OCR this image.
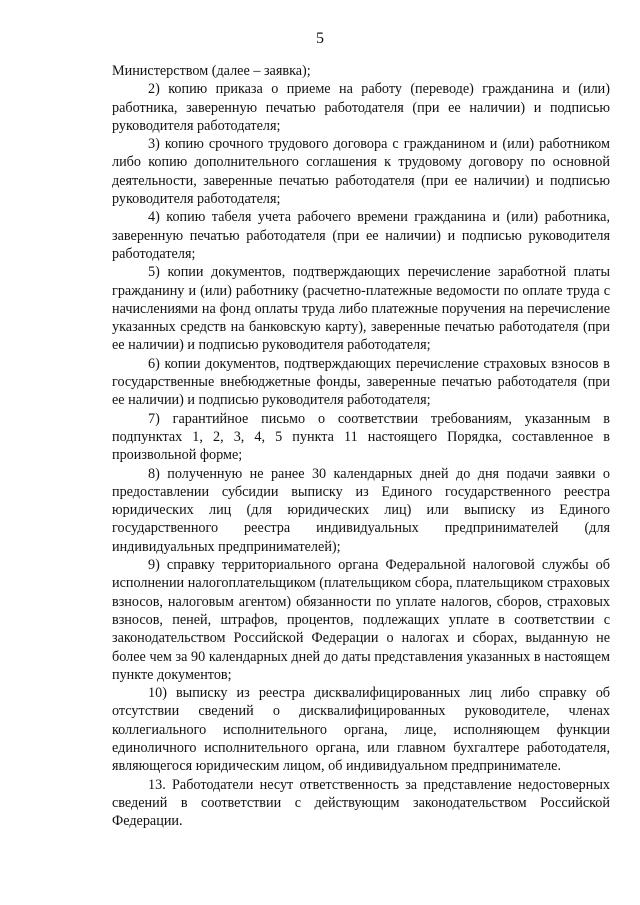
5

Министерством (далее – заявка);

2) копию приказа о приеме на работу (переводе) гражданина и (или) работника, заверенную печатью работодателя (при ее наличии) и подписью руководителя работодателя;

3) копию срочного трудового договора с гражданином и (или) работником либо копию дополнительного соглашения к трудовому договору по основной деятельности, заверенные печатью работодателя (при ее наличии) и подписью руководителя работодателя;

4) копию табеля учета рабочего времени гражданина и (или) работника, заверенную печатью работодателя (при ее наличии) и подписью руководителя работодателя;

5) копии документов, подтверждающих перечисление заработной платы гражданину и (или) работнику (расчетно-платежные ведомости по оплате труда с начислениями на фонд оплаты труда либо платежные поручения на перечисление указанных средств на банковскую карту), заверенные печатью работодателя (при ее наличии) и подписью руководителя работодателя;

6) копии документов, подтверждающих перечисление страховых взносов в государственные внебюджетные фонды, заверенные печатью работодателя (при ее наличии) и подписью руководителя работодателя;

7) гарантийное письмо о соответствии требованиям, указанным в подпунктах 1, 2, 3, 4, 5 пункта 11 настоящего Порядка, составленное в произвольной форме;

8) полученную не ранее 30 календарных дней до дня подачи заявки о предоставлении субсидии выписку из Единого государственного реестра юридических лиц (для юридических лиц) или выписку из Единого государственного реестра индивидуальных предпринимателей (для индивидуальных предпринимателей);

9) справку территориального органа Федеральной налоговой службы об исполнении налогоплательщиком (плательщиком сбора, плательщиком страховых взносов, налоговым агентом) обязанности по уплате налогов, сборов, страховых взносов, пеней, штрафов, процентов, подлежащих уплате в соответствии с законодательством Российской Федерации о налогах и сборах, выданную не более чем за 90 календарных дней до даты представления указанных в настоящем пункте документов;

10) выписку из реестра дисквалифицированных лиц либо справку об отсутствии сведений о дисквалифицированных руководителе, членах коллегиального исполнительного органа, лице, исполняющем функции единоличного исполнительного органа, или главном бухгалтере работодателя, являющегося юридическим лицом, об индивидуальном предпринимателе.

13. Работодатели несут ответственность за представление недостоверных сведений в соответствии с действующим законодательством Российской Федерации.
